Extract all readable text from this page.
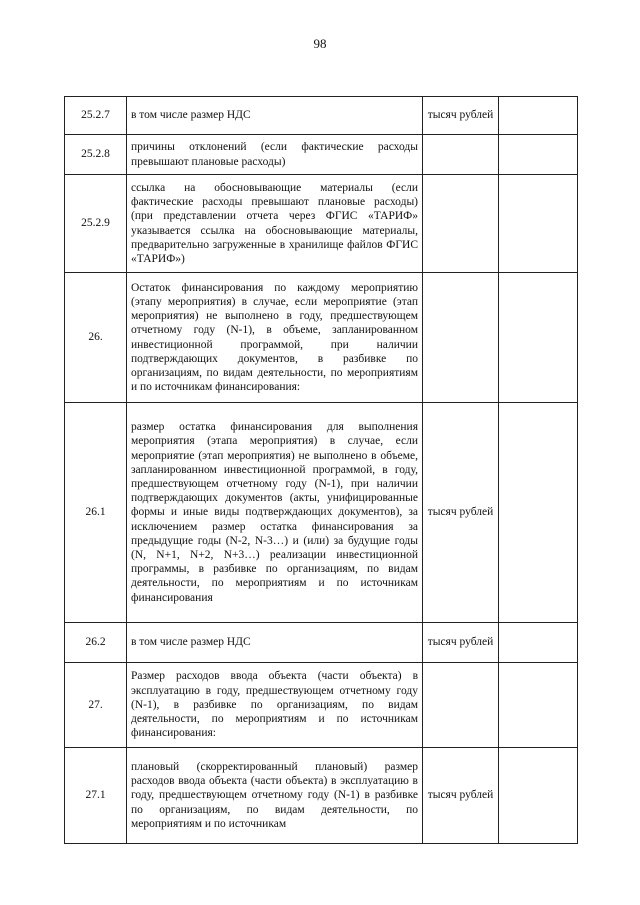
98
25.2.7	в том числе размер НДС	тысяч рублей	
25.2.8	причины отклонений (если фактические расходы превышают плановые расходы)		
25.2.9	ссылка на обосновывающие материалы (если фактические расходы превышают плановые расходы) (при представлении отчета через ФГИС «ТАРИФ» указывается ссылка на обосновывающие материалы, предварительно загруженные в хранилище файлов ФГИС «ТАРИФ»)		
26.	Остаток финансирования по каждому мероприятию (этапу мероприятия) в случае, если мероприятие (этап мероприятия) не выполнено в году, предшествующем отчетному году (N-1), в объеме, запланированном инвестиционной программой, при наличии подтверждающих документов, в разбивке по организациям, по видам деятельности, по мероприятиям и по источникам финансирования:		
26.1	размер остатка финансирования для выполнения мероприятия (этапа мероприятия) в случае, если мероприятие (этап мероприятия) не выполнено в объеме, запланированном инвестиционной программой, в году, предшествующем отчетному году (N-1), при наличии подтверждающих документов (акты, унифицированные формы и иные виды подтверждающих документов), за исключением размер остатка финансирования за предыдущие годы (N-2, N-3…) и (или) за будущие годы (N, N+1, N+2, N+3…) реализации инвестиционной программы, в разбивке по организациям, по видам деятельности, по мероприятиям и по источникам финансирования	тысяч рублей	
26.2	в том числе размер НДС	тысяч рублей	
27.	Размер расходов ввода объекта (части объекта) в эксплуатацию в году, предшествующем отчетному году (N-1), в разбивке по организациям, по видам деятельности, по мероприятиям и по источникам финансирования:		
27.1	плановый (скорректированный плановый) размер расходов ввода объекта (части объекта) в эксплуатацию в году, предшествующем отчетному году (N-1) в разбивке по организациям, по видам деятельности, по мероприятиям и по источникам	тысяч рублей	
